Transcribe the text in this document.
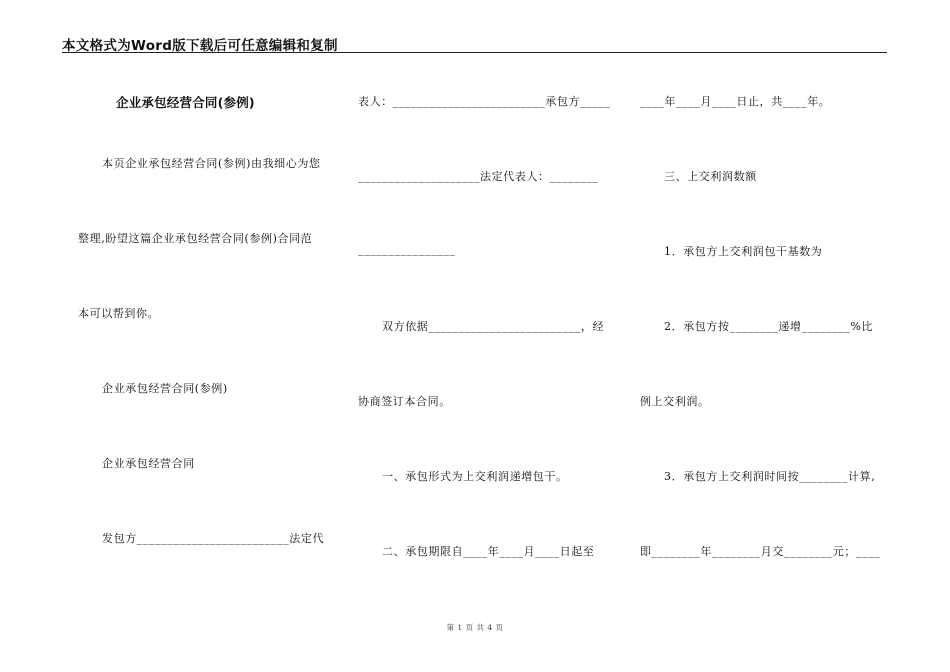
本文格式为Word版下载后可任意编辑和复制
企业承包经营合同(参例)
本页企业承包经营合同(参例)由我细心为您
整理,盼望这篇企业承包经营合同(参例)合同范
本可以帮到你。
企业承包经营合同(参例)
企业承包经营合同
发包方_________________________法定代
表人：_________________________承包方_____
____________________法定代表人：________
________________
双方依据_________________________，经
协商签订本合同。
一、承包形式为上交利润递增包干。
二、承包期限自____年____月____日起至
____年____月____日止，共____年。
三、上交利润数额
1．承包方上交利润包干基数为
2．承包方按________递增________%比
例上交利润。
3．承包方上交利润时间按________计算,
即________年________月交________元；____
第 1 页 共 4 页
